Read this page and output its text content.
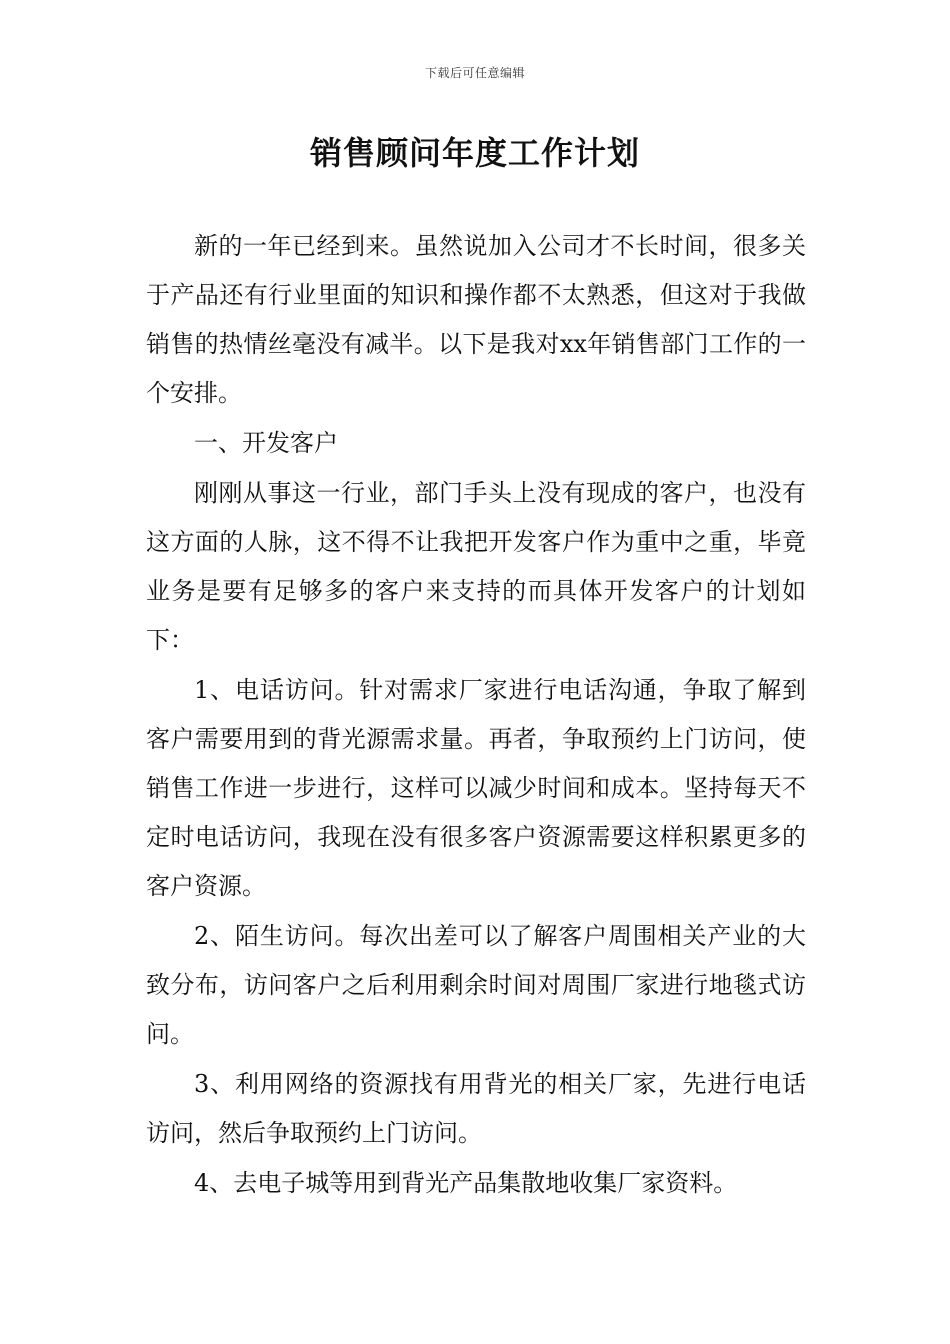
下载后可任意编辑
销售顾问年度工作计划

新的一年已经到来。虽然说加入公司才不长时间，很多关于产品还有行业里面的知识和操作都不太熟悉，但这对于我做销售的热情丝毫没有减半。以下是我对xx年销售部门工作的一个安排。

一、开发客户

刚刚从事这一行业，部门手头上没有现成的客户，也没有这方面的人脉，这不得不让我把开发客户作为重中之重，毕竟业务是要有足够多的客户来支持的而具体开发客户的计划如下：

1、电话访问。针对需求厂家进行电话沟通，争取了解到客户需要用到的背光源需求量。再者，争取预约上门访问，使销售工作进一步进行，这样可以减少时间和成本。坚持每天不定时电话访问，我现在没有很多客户资源需要这样积累更多的客户资源。

2、陌生访问。每次出差可以了解客户周围相关产业的大致分布，访问客户之后利用剩余时间对周围厂家进行地毯式访问。

3、利用网络的资源找有用背光的相关厂家，先进行电话访问，然后争取预约上门访问。

4、去电子城等用到背光产品集散地收集厂家资料。
